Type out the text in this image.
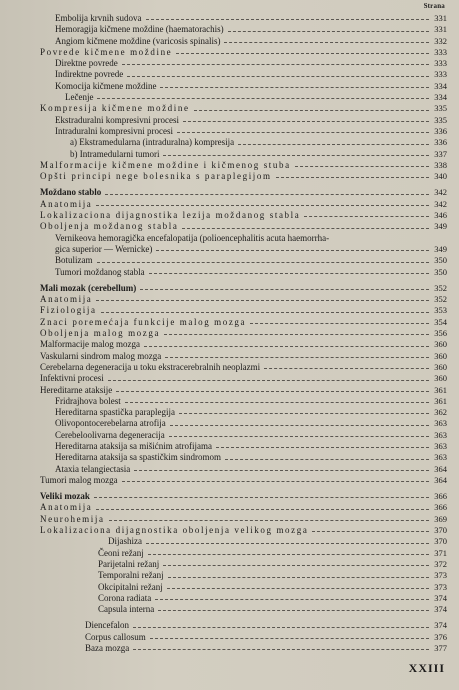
Strana
Embolija krvnih sudova	331
Hemoragija kičmene moždine (haematorachis)	331
Angiom kičmene moždine (varicosis spinalis)	332
Povrede kičmene moždine	333
Direktne povrede	333
Indirektne povrede	333
Komocija kičmene moždine	334
Lečenje	334
Kompresija kičmene moždine	335
Ekstraduralni kompresivni procesi	335
Intraduralni kompresivni procesi	336
a) Ekstramedularna (intraduralna) kompresija	336
b) Intramedularni tumori	337
Malformacije kičmene moždine i kičmenog stuba	338
Opšti principi nege bolesnika s paraplegijom	340
Moždano stablo	342
Anatomija	342
Lokalizaciona dijagnostika lezija moždanog stabla	346
Oboljenja moždanog stabla	349
Vernikeova hemoragička encefalopatija (polioencephalitis acuta haemorrha-
gica superior — Wernicke)	349
Botulizam	350
Tumori moždanog stabla	350
Mali mozak (cerebellum)	352
Anatomija	352
Fiziologija	353
Znaci poremećaja funkcije malog mozga	354
Oboljenja malog mozga	356
Malformacije malog mozga	360
Vaskularni sindrom malog mozga	360
Cerebelarna degeneracija u toku ekstracerebralnih neoplazmi	360
Infektivni procesi	360
Hereditarne ataksije	361
Fridrajhova bolest	361
Hereditarna spastička paraplegija	362
Olivopontocerebelarna atrofija	363
Cerebeloolivarna degeneracija	363
Hereditarna ataksija sa mišićnim atrofijama	363
Hereditarna ataksija sa spastičkim sindromom	363
Ataxia telangiectasia	364
Tumori malog mozga	364
Veliki mozak	366
Anatomija	366
Neurohemija	369
Lokalizaciona dijagnostika oboljenja velikog mozga	370
Dijashiza	370
Čeoni režanj	371
Parijetalni režanj	372
Temporalni režanj	373
Okcipitalni režanj	373
Corona radiata	374
Capsula interna	374
Diencefalon	374
Corpus callosum	376
Baza mozga	377
XXIII
